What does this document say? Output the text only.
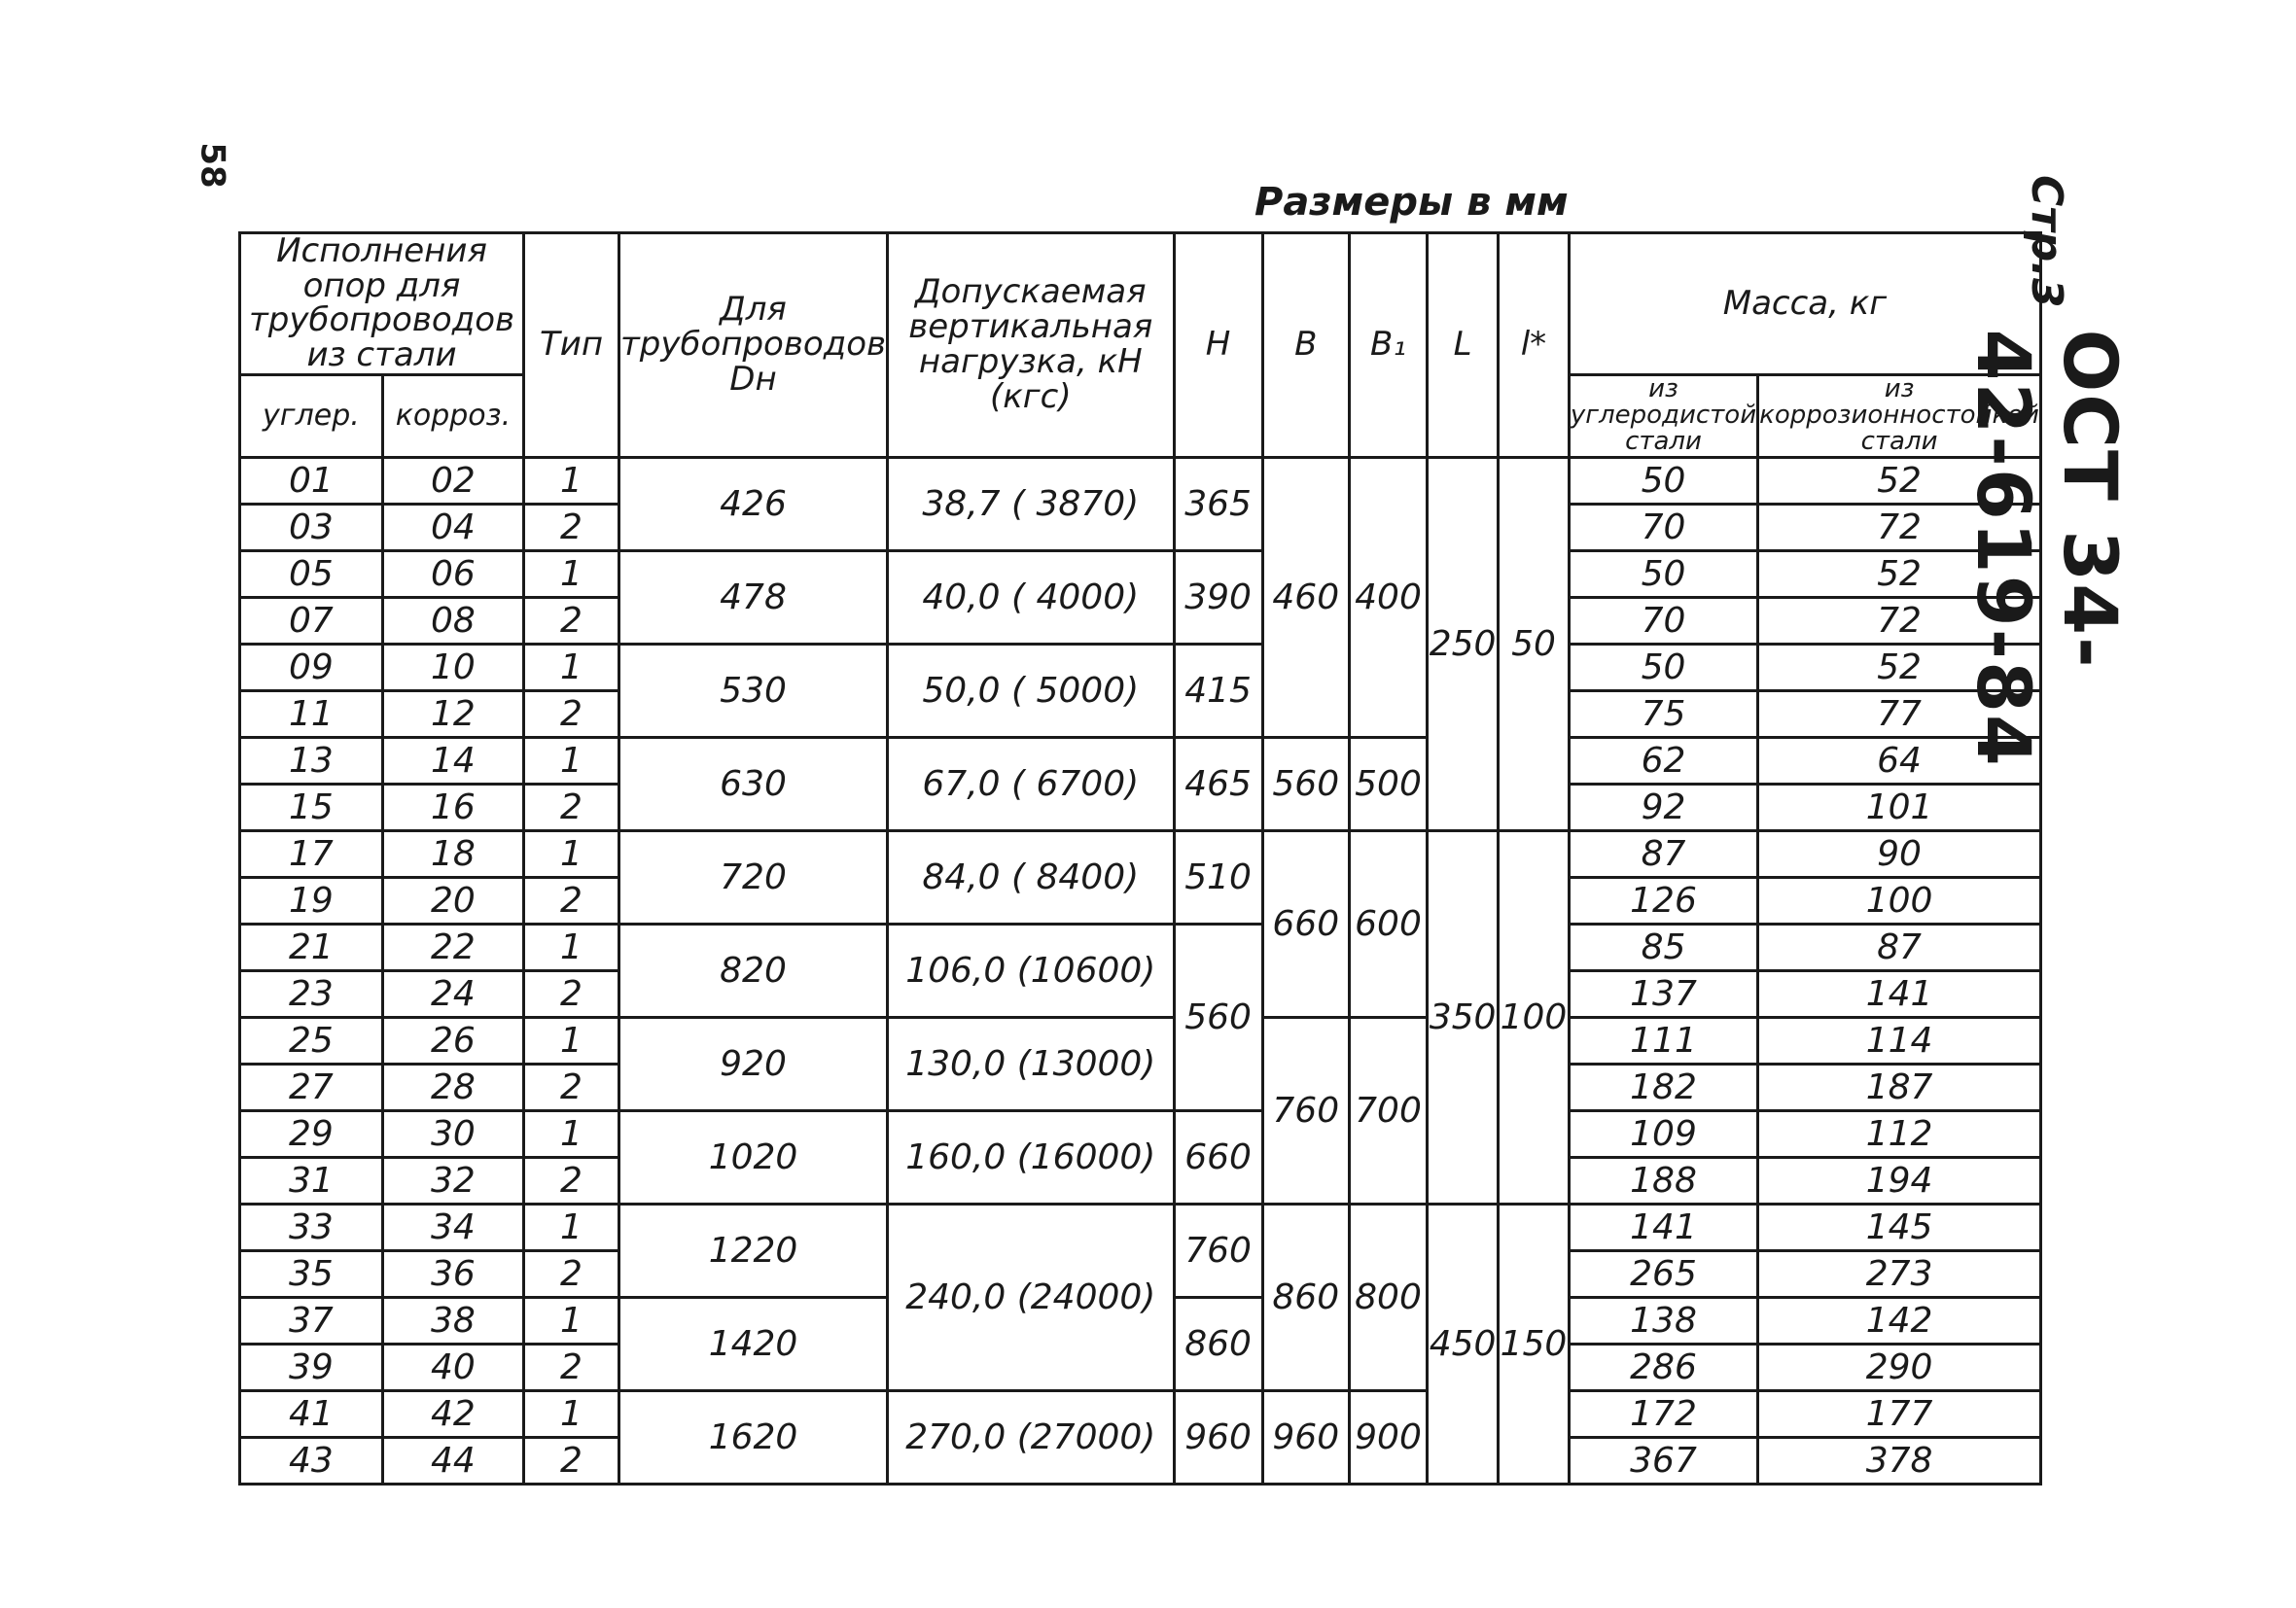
58
Размеры в мм	Стр.3
ОСТ 34-42-619-84
Исполнения опор для трубопроводов из стали		Тип	Для трубопроводов Dн	Допускаемая вертикальная нагрузка, кН (кгс)	H	B	B₁	L	l*	Масса, кг	
углер.	корроз.									из углеродистой стали	из коррозионностойкой стали
01	02	1	426	38,7 ( 3870)	365	460	400	250	50	50	52
03	04	2								70	72
05	06	1	478	40,0 ( 4000)	390					50	52
07	08	2								70	72
09	10	1	530	50,0 ( 5000)	415					50	52
11	12	2								75	77
13	14	1	630	67,0 ( 6700)	465	560	500			62	64
15	16	2								92	101
17	18	1	720	84,0 ( 8400)	510	660	600	350	100	87	90
19	20	2								126	100
21	22	1	820	106,0 (10600)	560					85	87
23	24	2								137	141
25	26	1	920	130,0 (13000)		760	700			111	114
27	28	2								182	187
29	30	1	1020	160,0 (16000)	660					109	112
31	32	2								188	194
33	34	1	1220	240,0 (24000)	760	860	800	450	150	141	145
35	36	2								265	273
37	38	1	1420		860					138	142
39	40	2								286	290
41	42	1	1620	270,0 (27000)	960	960	900			172	177
43	44	2								367	378
